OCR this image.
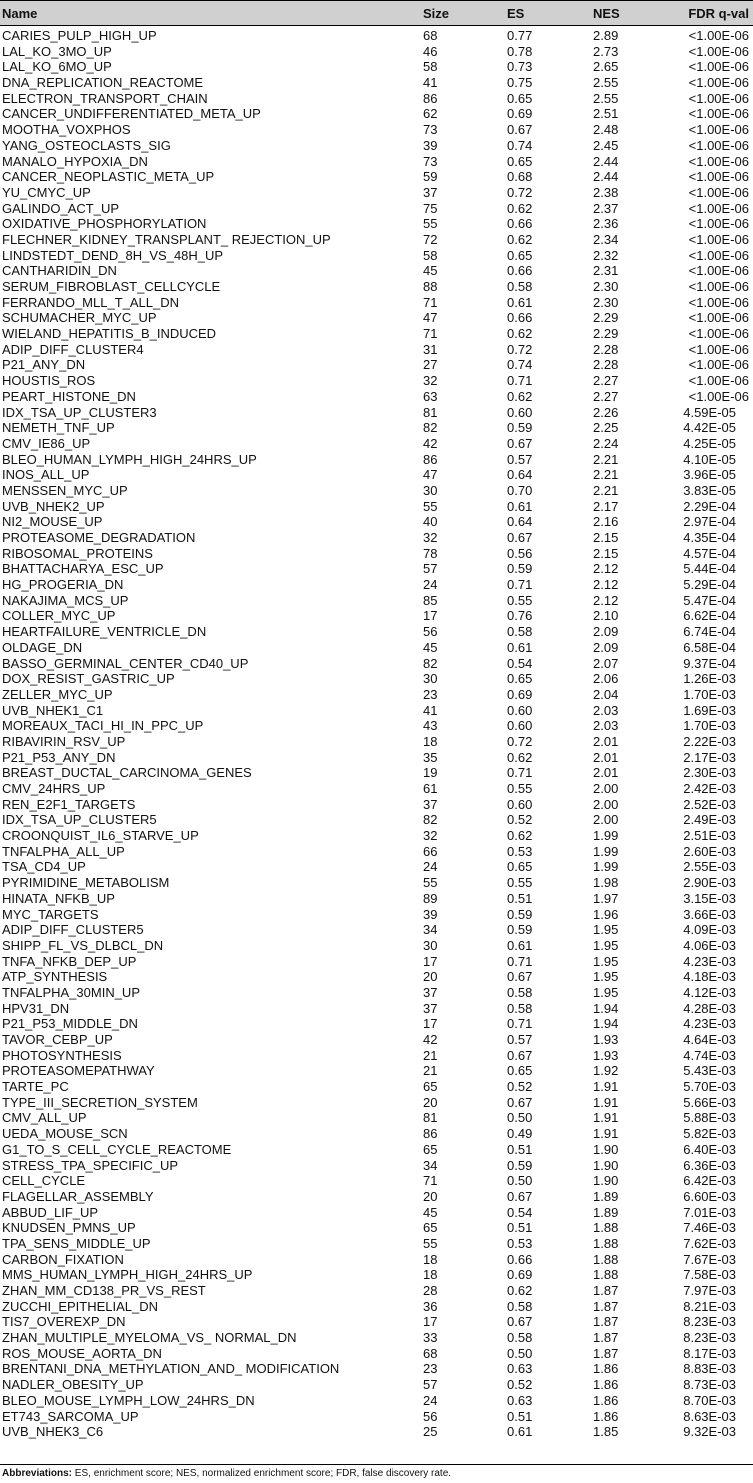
Name	Size	ES	NES	FDR q-val
CARIES_PULP_HIGH_UP	68	0.77	2.89	<1.00E-06
LAL_KO_3MO_UP	46	0.78	2.73	<1.00E-06
LAL_KO_6MO_UP	58	0.73	2.65	<1.00E-06
DNA_REPLICATION_REACTOME	41	0.75	2.55	<1.00E-06
ELECTRON_TRANSPORT_CHAIN	86	0.65	2.55	<1.00E-06
CANCER_UNDIFFERENTIATED_META_UP	62	0.69	2.51	<1.00E-06
MOOTHA_VOXPHOS	73	0.67	2.48	<1.00E-06
YANG_OSTEOCLASTS_SIG	39	0.74	2.45	<1.00E-06
MANALO_HYPOXIA_DN	73	0.65	2.44	<1.00E-06
CANCER_NEOPLASTIC_META_UP	59	0.68	2.44	<1.00E-06
YU_CMYC_UP	37	0.72	2.38	<1.00E-06
GALINDO_ACT_UP	75	0.62	2.37	<1.00E-06
OXIDATIVE_PHOSPHORYLATION	55	0.66	2.36	<1.00E-06
FLECHNER_KIDNEY_TRANSPLANT_ REJECTION_UP	72	0.62	2.34	<1.00E-06
LINDSTEDT_DEND_8H_VS_48H_UP	58	0.65	2.32	<1.00E-06
CANTHARIDIN_DN	45	0.66	2.31	<1.00E-06
SERUM_FIBROBLAST_CELLCYCLE	88	0.58	2.30	<1.00E-06
FERRANDO_MLL_T_ALL_DN	71	0.61	2.30	<1.00E-06
SCHUMACHER_MYC_UP	47	0.66	2.29	<1.00E-06
WIELAND_HEPATITIS_B_INDUCED	71	0.62	2.29	<1.00E-06
ADIP_DIFF_CLUSTER4	31	0.72	2.28	<1.00E-06
P21_ANY_DN	27	0.74	2.28	<1.00E-06
HOUSTIS_ROS	32	0.71	2.27	<1.00E-06
PEART_HISTONE_DN	63	0.62	2.27	<1.00E-06
IDX_TSA_UP_CLUSTER3	81	0.60	2.26	4.59E-05
NEMETH_TNF_UP	82	0.59	2.25	4.42E-05
CMV_IE86_UP	42	0.67	2.24	4.25E-05
BLEO_HUMAN_LYMPH_HIGH_24HRS_UP	86	0.57	2.21	4.10E-05
INOS_ALL_UP	47	0.64	2.21	3.96E-05
MENSSEN_MYC_UP	30	0.70	2.21	3.83E-05
UVB_NHEK2_UP	55	0.61	2.17	2.29E-04
NI2_MOUSE_UP	40	0.64	2.16	2.97E-04
PROTEASOME_DEGRADATION	32	0.67	2.15	4.35E-04
RIBOSOMAL_PROTEINS	78	0.56	2.15	4.57E-04
BHATTACHARYA_ESC_UP	57	0.59	2.12	5.44E-04
HG_PROGERIA_DN	24	0.71	2.12	5.29E-04
NAKAJIMA_MCS_UP	85	0.55	2.12	5.47E-04
COLLER_MYC_UP	17	0.76	2.10	6.62E-04
HEARTFAILURE_VENTRICLE_DN	56	0.58	2.09	6.74E-04
OLDAGE_DN	45	0.61	2.09	6.58E-04
BASSO_GERMINAL_CENTER_CD40_UP	82	0.54	2.07	9.37E-04
DOX_RESIST_GASTRIC_UP	30	0.65	2.06	1.26E-03
ZELLER_MYC_UP	23	0.69	2.04	1.70E-03
UVB_NHEK1_C1	41	0.60	2.03	1.69E-03
MOREAUX_TACI_HI_IN_PPC_UP	43	0.60	2.03	1.70E-03
RIBAVIRIN_RSV_UP	18	0.72	2.01	2.22E-03
P21_P53_ANY_DN	35	0.62	2.01	2.17E-03
BREAST_DUCTAL_CARCINOMA_GENES	19	0.71	2.01	2.30E-03
CMV_24HRS_UP	61	0.55	2.00	2.42E-03
REN_E2F1_TARGETS	37	0.60	2.00	2.52E-03
IDX_TSA_UP_CLUSTER5	82	0.52	2.00	2.49E-03
CROONQUIST_IL6_STARVE_UP	32	0.62	1.99	2.51E-03
TNFALPHA_ALL_UP	66	0.53	1.99	2.60E-03
TSA_CD4_UP	24	0.65	1.99	2.55E-03
PYRIMIDINE_METABOLISM	55	0.55	1.98	2.90E-03
HINATA_NFKB_UP	89	0.51	1.97	3.15E-03
MYC_TARGETS	39	0.59	1.96	3.66E-03
ADIP_DIFF_CLUSTER5	34	0.59	1.95	4.09E-03
SHIPP_FL_VS_DLBCL_DN	30	0.61	1.95	4.06E-03
TNFA_NFKB_DEP_UP	17	0.71	1.95	4.23E-03
ATP_SYNTHESIS	20	0.67	1.95	4.18E-03
TNFALPHA_30MIN_UP	37	0.58	1.95	4.12E-03
HPV31_DN	37	0.58	1.94	4.28E-03
P21_P53_MIDDLE_DN	17	0.71	1.94	4.23E-03
TAVOR_CEBP_UP	42	0.57	1.93	4.64E-03
PHOTOSYNTHESIS	21	0.67	1.93	4.74E-03
PROTEASOMEPATHWAY	21	0.65	1.92	5.43E-03
TARTE_PC	65	0.52	1.91	5.70E-03
TYPE_III_SECRETION_SYSTEM	20	0.67	1.91	5.66E-03
CMV_ALL_UP	81	0.50	1.91	5.88E-03
UEDA_MOUSE_SCN	86	0.49	1.91	5.82E-03
G1_TO_S_CELL_CYCLE_REACTOME	65	0.51	1.90	6.40E-03
STRESS_TPA_SPECIFIC_UP	34	0.59	1.90	6.36E-03
CELL_CYCLE	71	0.50	1.90	6.42E-03
FLAGELLAR_ASSEMBLY	20	0.67	1.89	6.60E-03
ABBUD_LIF_UP	45	0.54	1.89	7.01E-03
KNUDSEN_PMNS_UP	65	0.51	1.88	7.46E-03
TPA_SENS_MIDDLE_UP	55	0.53	1.88	7.62E-03
CARBON_FIXATION	18	0.66	1.88	7.67E-03
MMS_HUMAN_LYMPH_HIGH_24HRS_UP	18	0.69	1.88	7.58E-03
ZHAN_MM_CD138_PR_VS_REST	28	0.62	1.87	7.97E-03
ZUCCHI_EPITHELIAL_DN	36	0.58	1.87	8.21E-03
TIS7_OVEREXP_DN	17	0.67	1.87	8.23E-03
ZHAN_MULTIPLE_MYELOMA_VS_ NORMAL_DN	33	0.58	1.87	8.23E-03
ROS_MOUSE_AORTA_DN	68	0.50	1.87	8.17E-03
BRENTANI_DNA_METHYLATION_AND_ MODIFICATION	23	0.63	1.86	8.83E-03
NADLER_OBESITY_UP	57	0.52	1.86	8.73E-03
BLEO_MOUSE_LYMPH_LOW_24HRS_DN	24	0.63	1.86	8.70E-03
ET743_SARCOMA_UP	56	0.51	1.86	8.63E-03
UVB_NHEK3_C6	25	0.61	1.85	9.32E-03
Abbreviations: ES, enrichment score; NES, normalized enrichment score; FDR, false discovery rate.
